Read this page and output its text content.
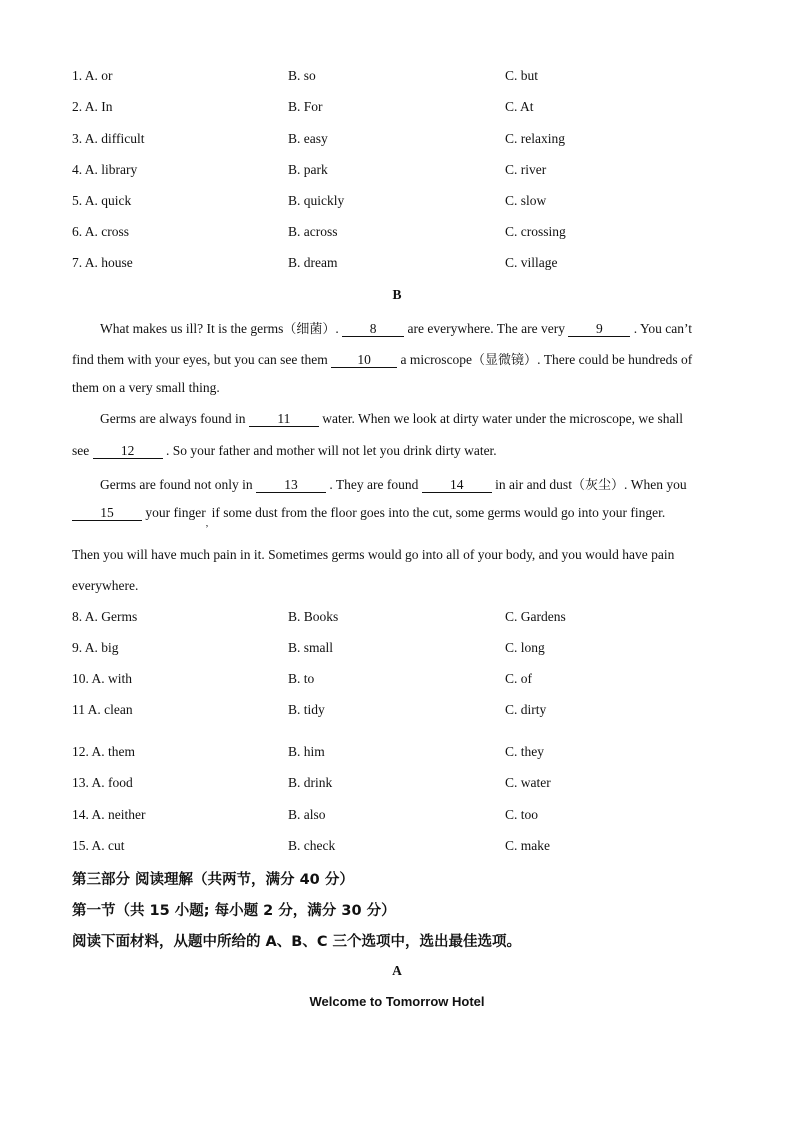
1. A. or	B. so	C. but
2. A. In	B. For	C. At
3. A. difficult	B. easy	C. relaxing
4. A. library	B. park	C. river
5. A. quick	B. quickly	C. slow
6. A. cross	B. across	C. crossing
7. A. house	B. dream	C. village
B
What makes us ill? It is the germs（细菌）. 8 are everywhere. The are very 9 . You can’t
find them with your eyes, but you can see them 10 a microscope（显微镜）. There could be hundreds of
them on a very small thing.
Germs are always found in 11 water. When we look at dirty water under the microscope, we shall
see 12 . So your father and mother will not let you drink dirty water.
Germs are found not only in 13 . They are found 14 in air and dust（灰尘）. When you
15 your finger$_,$ if some dust from the floor goes into the cut, some germs would go into your finger.
Then you will have much pain in it. Sometimes germs would go into all of your body, and you would have pain
everywhere.
8. A. Germs	B. Books	C. Gardens
9. A. big	B. small	C. long
10. A. with	B. to	C. of
11 A. clean	B. tidy	C. dirty
12. A. them	B. him	C. they
13. A. food	B. drink	C. water
14. A. neither	B. also	C. too
15. A. cut	B. check	C. make
第三部分 阅读理解（共两节，满分 40 分）
第一节（共 15 小题; 每小题 2 分，满分 30 分）
阅读下面材料，从题中所给的 A、B、C 三个选项中，选出最佳选项。
A
Welcome to Tomorrow Hotel
